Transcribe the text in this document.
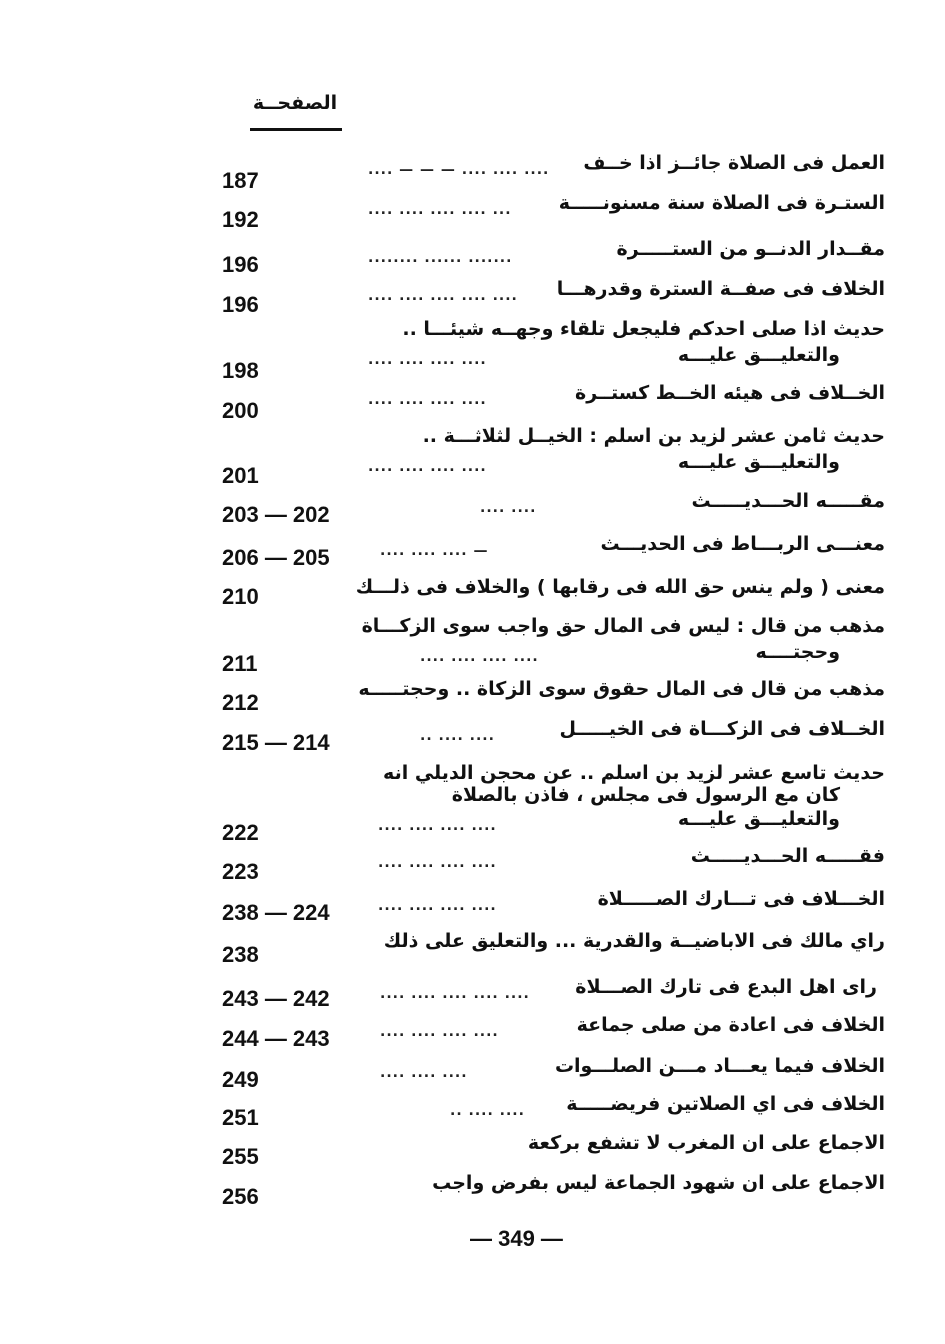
الصفحــة
العمل فى الصلاة جائــز اذا خــف
.... — — — .... .... ....
187
الستـرة فى الصلاة سنة مسنونـــــة
.... .... .... .... ...
192
مقــدار الدنــو من الستـــــرة
........ ...... .......
196
الخلاف فى صفــة السترة وقدرهـــا
.... .... .... .... ....
196
حديث اذا صلى احدكم فليجعل تلقاء وجهــه شيئـــا ..
والتعليـــق عليـــه
.... .... .... ....
198
الخــلاف فى هيئه الخــط كستــرة
.... .... .... ....
200
حديث ثامن عشر لزيد بن اسلم : الخيــل لثلاثـــة ..
والتعليـــق عليـــه
.... .... .... ....
201
مقـــــه الحـــديـــــث
.... ....
203 — 202
معنـــى الربـــاط فى الحديـــث
.... .... .... —
206 — 205
معنى ( ولم ينس حق الله فى رقابها ) والخلاف فى ذلـــك
210
مذهب من قال : ليس فى المال حق واجب سوى الزكـــاة
وحجتــــه
.... .... .... ....
211
مذهب من قال فى المال حقوق سوى الزكاة .. وحجتـــــه
212
الخــلاف فى الزكـــاة فى الخيـــــل
.. .... ....
215 — 214
حديث تاسع عشر لزيد بن اسلم .. عن محجن الديلي انه
كان مع الرسول فى مجلس ، فاذن بالصلاة
والتعليـــق عليـــه
.... .... .... ....
222
فقـــــه الحـــديـــــث
.... .... .... ....
223
الخـــلاف فى تـــارك الصـــــلاة
.... .... .... ....
238 — 224
راي مالك فى الاباضيــة والقدرية ... والتعليق على ذلك
238
راى اهل البدع فى تارك الصـــلاة
.... .... .... .... ....
243 — 242
الخلاف فى اعادة من صلى جماعة
.... .... .... ....
244 — 243
الخلاف فيما يعـــاد مـــن الصلـــوات
.... .... ....
249
الخلاف فى اي الصلاتين فريضـــــة
.. .... ....
251
الاجماع على ان المغرب لا تشفع بركعة
255
الاجماع على ان شهود الجماعة ليس بفرض واجب
256
— 349 —
